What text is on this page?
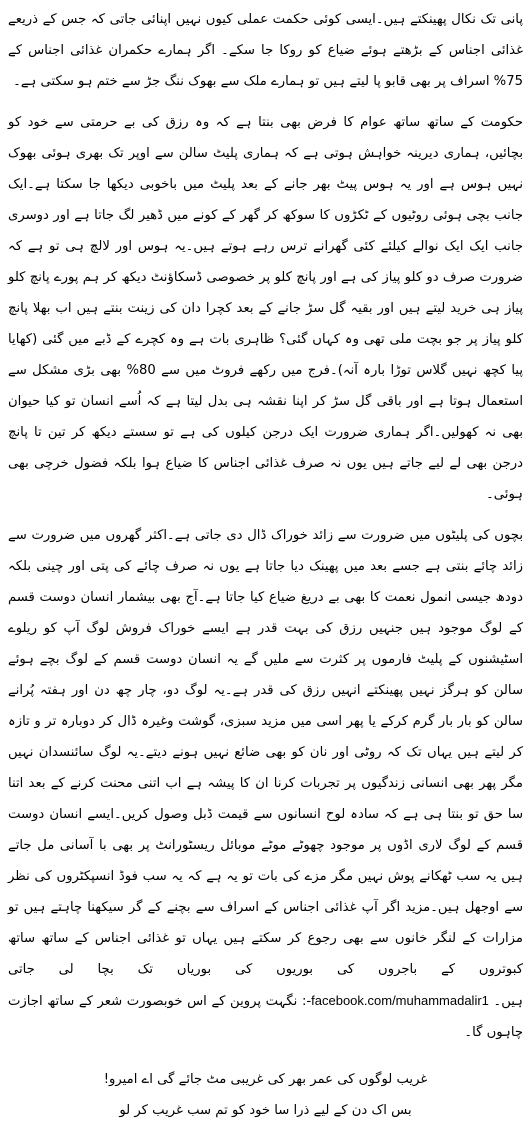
پانی تک نکال پھینکتے ہیں۔ایسی کوئی حکمت عملی کیوں نہیں اپنائی جاتی کہ جس کے ذریعے غذائی اجناس کے بڑھتے ہوئے ضیاع کو روکا جا سکے۔ اگر ہمارے حکمران غذائی اجناس کے 75% اسراف پر بھی قابو پا لیتے ہیں تو ہمارے ملک سے بھوک ننگ جڑ سے ختم ہو سکتی ہے۔

حکومت کے ساتھ ساتھ عوام کا فرض بھی بنتا ہے کہ وہ رزق کی بے حرمتی سے خود کو بچائیں، ہماری دیرینہ خواہش ہوتی ہے کہ ہماری پلیٹ سالن سے اوپر تک بھری ہوئی بھوک نہیں ہوس ہے اور یہ ہوس پیٹ بھر جانے کے بعد پلیٹ میں باخوبی دیکھا جا سکتا ہے۔ایک جانب بچی ہوئی روٹیوں کے ٹکڑوں کا سوکھ کر گھر کے کونے میں ڈھیر لگ جاتا ہے اور دوسری جانب ایک ایک نوالے کیلئے کئی گھرانے ترس رہے ہوتے ہیں۔یہ ہوس اور لالچ ہی تو ہے کہ ضرورت صرف دو کلو پیاز کی ہے اور پانچ کلو پر خصوصی ڈسکاؤنٹ دیکھ کر ہم پورے پانچ کلو پیاز ہی خرید لیتے ہیں اور بقیہ گل سڑ جانے کے بعد کچرا دان کی زینت بنتے ہیں اب بھلا پانچ کلو پیاز پر جو بچت ملی تھی وہ کہاں گئی؟ ظاہری بات ہے وہ کچرے کے ڈبے میں گئی (کھایا پیا کچھ نہیں گلاس توڑا بارہ آنہ)۔فرج میں رکھے فروٹ میں سے 80% بھی بڑی مشکل سے استعمال ہوتا ہے اور باقی گل سڑ کر اپنا نقشہ ہی بدل لیتا ہے کہ اُسے انسان تو کیا حیوان بھی نہ کھولیں۔اگر ہماری ضرورت ایک درجن کیلوں کی ہے تو سستے دیکھ کر تین تا پانچ درجن بھی لے لیے جاتے ہیں یوں نہ صرف غذائی اجناس کا ضیاع ہوا بلکہ فضول خرچی بھی ہوئی۔

بچوں کی پلیٹوں میں ضرورت سے زائد خوراک ڈال دی جاتی ہے۔اکثر گھروں میں ضرورت سے زائد چائے بنتی ہے جسے بعد میں پھینک دیا جاتا ہے یوں نہ صرف چائے کی پتی اور چینی بلکہ دودھ جیسی انمول نعمت کا بھی بے دریغ ضیاع کیا جاتا ہے۔آج بھی بیشمار انسان دوست قسم کے لوگ موجود ہیں جنہیں رزق کی بہت قدر ہے ایسے خوراک فروش لوگ آپ کو ریلوے اسٹیشنوں کے پلیٹ فارموں پر کثرت سے ملیں گے یہ انسان دوست قسم کے لوگ بچے ہوئے سالن کو ہرگز نہیں پھینکتے انہیں رزق کی قدر ہے۔یہ لوگ دو، چار چھ دن اور ہفتہ پُرانے سالن کو بار بار گرم کرکے یا پھر اسی میں مزید سبزی، گوشت وغیرہ ڈال کر دوبارہ تر و تازہ کر لیتے ہیں یہاں تک کہ روٹی اور نان کو بھی ضائع نہیں ہونے دیتے۔یہ لوگ سائنسدان نہیں مگر پھر بھی انسانی زندگیوں پر تجربات کرنا ان کا پیشہ ہے اب اتنی محنت کرنے کے بعد اتنا سا حق تو بنتا ہی ہے کہ سادہ لوح انسانوں سے قیمت ڈبل وصول کریں۔ایسے انسان دوست قسم کے لوگ لاری اڈوں پر موجود چھوٹے موٹے موبائل ریسٹورانٹ پر بھی با آسانی مل جاتے ہیں یہ سب ٹھکانے پوش نہیں مگر مزے کی بات تو یہ ہے کہ یہ سب فوڈ انسپکٹروں کی نظر سے اوجھل ہیں۔مزید اگر آپ غذائی اجناس کے اسراف سے بچنے کے گر سیکھنا چاہتے ہیں تو مزارات کے لنگر خانوں سے بھی رجوع کر سکتے ہیں یہاں تو غذائی اجناس کے ساتھ ساتھ کبوتروں کے باجروں کی بوریوں کی بوریاں تک بچا لی جاتی ہیں۔ facebook.com/muhammadalir1-: نگہت پروین کے اس خوبصورت شعر کے ساتھ اجازت چاہوں گا۔

غریب لوگوں کی عمر بھر کی غریبی مٹ جائے گی اے امیرو!
بس اک دن کے لیے ذرا سا خود کو تم سب غریب کر لو
